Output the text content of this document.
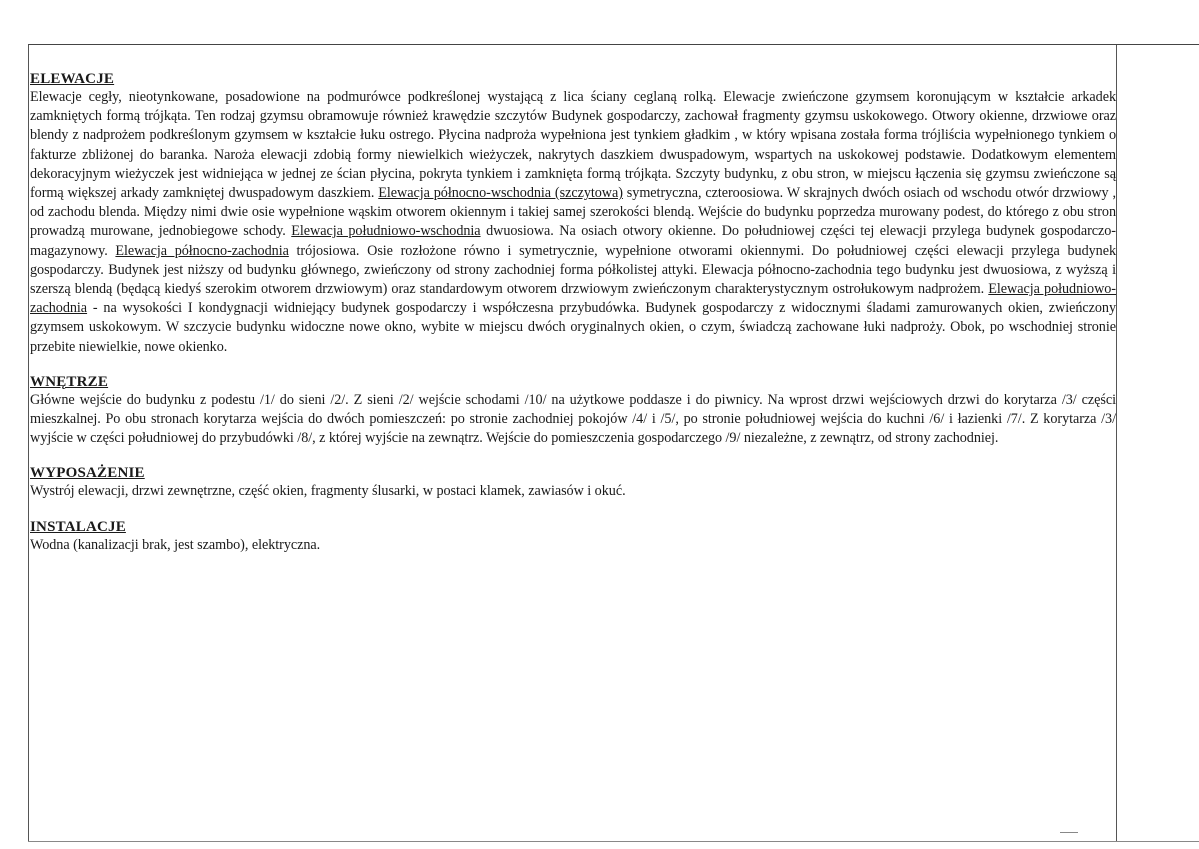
ELEWACJE

Elewacje cegły, nieotynkowane, posadowione na podmurówce podkreślonej wystającą z lica ściany ceglaną rolką. Elewacje zwieńczone gzymsem koronującym w kształcie arkadek zamkniętych formą trójkąta. Ten rodzaj gzymsu obramowuje również krawędzie szczytów Budynek gospodarczy, zachował fragmenty gzymsu uskokowego. Otwory okienne, drzwiowe oraz blendy z nadprożem podkreślonym gzymsem w kształcie łuku ostrego. Płycina nadproża wypełniona jest tynkiem gładkim , w który wpisana została forma trójliścia wypełnionego tynkiem o fakturze zbliżonej do baranka. Naroża elewacji zdobią formy niewielkich wieżyczek, nakrytych daszkiem dwuspadowym, wspartych na uskokowej podstawie. Dodatkowym elementem dekoracyjnym wieżyczek jest widniejąca w jednej ze ścian płycina, pokryta tynkiem i zamknięta formą trójkąta. Szczyty budynku, z obu stron, w miejscu łączenia się gzymsu zwieńczone są formą większej arkady zamkniętej dwuspadowym daszkiem. Elewacja północno-wschodnia (szczytowa) symetryczna, czteroosiowa. W skrajnych dwóch osiach od wschodu otwór drzwiowy , od zachodu blenda. Między nimi dwie osie wypełnione wąskim otworem okiennym i takiej samej szerokości blendą. Wejście do budynku poprzedza murowany podest, do którego z obu stron prowadzą murowane, jednobiegowe schody. Elewacja południowo-wschodnia dwuosiowa. Na osiach otwory okienne. Do południowej części tej elewacji przylega budynek gospodarczo-magazynowy. Elewacja północno-zachodnia trójosiowa. Osie rozłożone równo i symetrycznie, wypełnione otworami okiennymi. Do południowej części elewacji przylega budynek gospodarczy. Budynek jest niższy od budynku głównego, zwieńczony od strony zachodniej forma półkolistej attyki. Elewacja północno-zachodnia tego budynku jest dwuosiowa, z wyższą i szerszą blendą (będącą kiedyś szerokim otworem drzwiowym) oraz standardowym otworem drzwiowym zwieńczonym charakterystycznym ostrołukowym nadprożem. Elewacja południowo-zachodnia - na wysokości I kondygnacji widniejący budynek gospodarczy i współczesna przybudówka. Budynek gospodarczy z widocznymi śladami zamurowanych okien, zwieńczony gzymsem uskokowym. W szczycie budynku widoczne nowe okno, wybite w miejscu dwóch oryginalnych okien, o czym, świadczą zachowane łuki nadproży. Obok, po wschodniej stronie przebite niewielkie, nowe okienko.

WNĘTRZE

Główne wejście do budynku z podestu /1/ do sieni /2/. Z sieni /2/ wejście schodami /10/ na użytkowe poddasze i do piwnicy. Na wprost drzwi wejściowych drzwi do korytarza /3/ części mieszkalnej. Po obu stronach korytarza wejścia do dwóch pomieszczeń: po stronie zachodniej pokojów /4/ i /5/, po stronie południowej wejścia do kuchni /6/ i łazienki /7/. Z korytarza /3/ wyjście w części południowej do przybudówki /8/, z której wyjście na zewnątrz. Wejście do pomieszczenia gospodarczego /9/ niezależne, z zewnątrz, od strony zachodniej.

WYPOSAŻENIE

Wystrój elewacji, drzwi zewnętrzne, część okien, fragmenty ślusarki, w postaci klamek, zawiasów i okuć.

INSTALACJE

Wodna (kanalizacji brak, jest szambo), elektryczna.
